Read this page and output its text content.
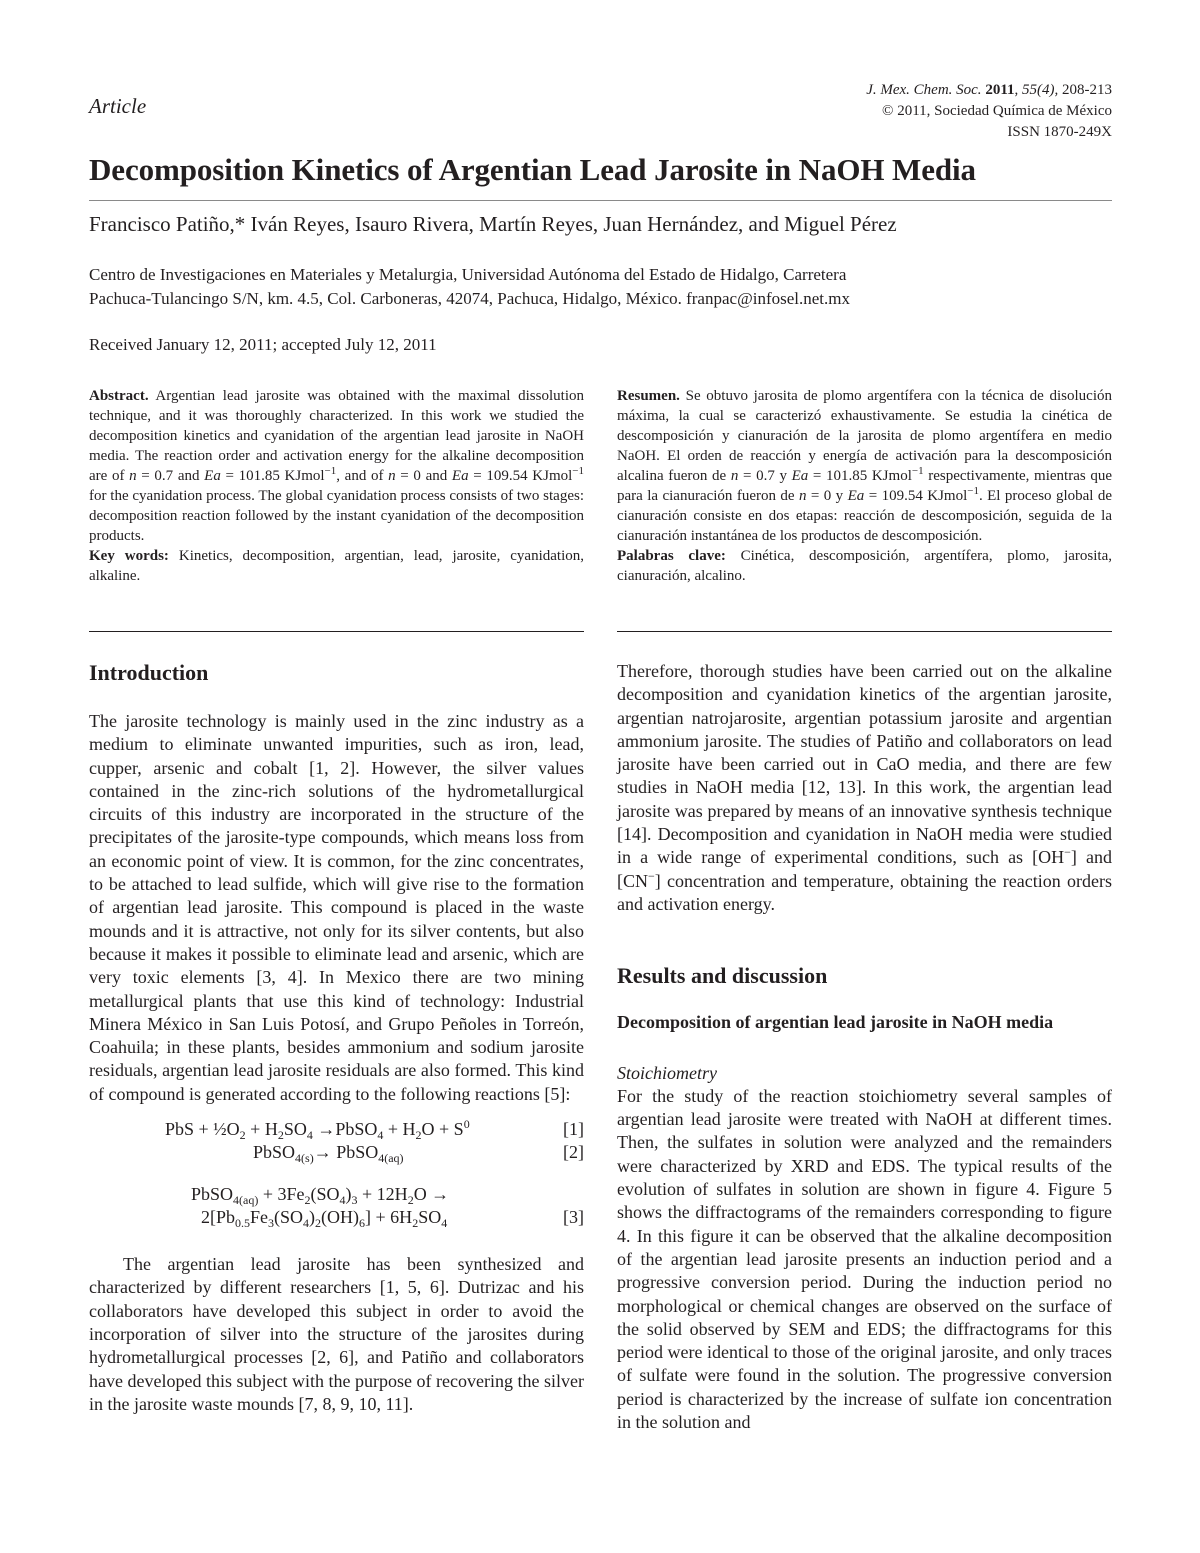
Article
J. Mex. Chem. Soc. 2011, 55(4), 208-213
© 2011, Sociedad Química de México
ISSN 1870-249X
Decomposition Kinetics of Argentian Lead Jarosite in NaOH Media
Francisco Patiño,* Iván Reyes, Isauro Rivera, Martín Reyes, Juan Hernández, and Miguel Pérez
Centro de Investigaciones en Materiales y Metalurgia, Universidad Autónoma del Estado de Hidalgo, Carretera
Pachuca-Tulancingo S/N, km. 4.5, Col. Carboneras, 42074, Pachuca, Hidalgo, México. franpac@infosel.net.mx
Received January 12, 2011; accepted July 12, 2011

Abstract. Argentian lead jarosite was obtained with the maximal dissolution technique, and it was thoroughly characterized. In this work we studied the decomposition kinetics and cyanidation of the argentian lead jarosite in NaOH media. The reaction order and activation energy for the alkaline decomposition are of n = 0.7 and Ea = 101.85 KJmol$^{-1}$, and of n = 0 and Ea = 109.54 KJmol$^{-1}$ for the cyanidation process. The global cyanidation process consists of two stages: decomposition reaction followed by the instant cyanidation of the decomposition products.

Key words: Kinetics, decomposition, argentian, lead, jarosite, cyanidation, alkaline.

Resumen. Se obtuvo jarosita de plomo argentífera con la técnica de disolución máxima, la cual se caracterizó exhaustivamente. Se estudia la cinética de descomposición y cianuración de la jarosita de plomo argentífera en medio NaOH. El orden de reacción y energía de activación para la descomposición alcalina fueron de n = 0.7 y Ea = 101.85 KJmol$^{-1}$ respectivamente, mientras que para la cianuración fueron de n = 0 y Ea = 109.54 KJmol$^{-1}$. El proceso global de cianuración consiste en dos etapas: reacción de descomposición, seguida de la cianuración instantánea de los productos de descomposición.

Palabras clave: Cinética, descomposición, argentífera, plomo, jarosita, cianuración, alcalino.

Introduction

The jarosite technology is mainly used in the zinc industry as a medium to eliminate unwanted impurities, such as iron, lead, cupper, arsenic and cobalt [1, 2]. However, the silver values contained in the zinc-rich solutions of the hydrometallurgical circuits of this industry are incorporated in the structure of the precipitates of the jarosite-type compounds, which means loss from an economic point of view. It is common, for the zinc concentrates, to be attached to lead sulfide, which will give rise to the formation of argentian lead jarosite. This compound is placed in the waste mounds and it is attractive, not only for its silver contents, but also because it makes it possible to eliminate lead and arsenic, which are very toxic elements [3, 4]. In Mexico there are two mining metallurgical plants that use this kind of technology: Industrial Minera México in San Luis Potosí, and Grupo Peñoles in Torreón, Coahuila; in these plants, besides ammonium and sodium jarosite residuals, argentian lead jarosite residuals are also formed. This kind of compound is generated according to the following reactions [5]:

PbS + $\frac{1}{2}O_2 + H_2SO_4$ →PbSO$_4$ + $H_2O + S^0$	[1]
PbSO$_{4(s)}$→ PbSO$_{4(aq)}$	[2]
PbSO$_{4(aq)}$ + $3Fe_2(SO_4)_3 + 12H_2O$ →
$2[Pb_{0.5}Fe_3(SO_4)_2(OH)_6] + 6H_2SO_4$	[3]

The argentian lead jarosite has been synthesized and characterized by different researchers [1, 5, 6]. Dutrizac and his collaborators have developed this subject in order to avoid the incorporation of silver into the structure of the jarosites during hydrometallurgical processes [2, 6], and Patiño and collaborators have developed this subject with the purpose of recovering the silver in the jarosite waste mounds [7, 8, 9, 10, 11].

Therefore, thorough studies have been carried out on the alkaline decomposition and cyanidation kinetics of the argentian jarosite, argentian natrojarosite, argentian potassium jarosite and argentian ammonium jarosite. The studies of Patiño and collaborators on lead jarosite have been carried out in CaO media, and there are few studies in NaOH media [12, 13]. In this work, the argentian lead jarosite was prepared by means of an innovative synthesis technique [14]. Decomposition and cyanidation in NaOH media were studied in a wide range of experimental conditions, such as [OH−] and [CN−] concentration and temperature, obtaining the reaction orders and activation energy.

Results and discussion
Decomposition of argentian lead jarosite in NaOH media
Stoichiometry

For the study of the reaction stoichiometry several samples of argentian lead jarosite were treated with NaOH at different times. Then, the sulfates in solution were analyzed and the remainders were characterized by XRD and EDS. The typical results of the evolution of sulfates in solution are shown in figure 4. Figure 5 shows the diffractograms of the remainders corresponding to figure 4. In this figure it can be observed that the alkaline decomposition of the argentian lead jarosite presents an induction period and a progressive conversion period. During the induction period no morphological or chemical changes are observed on the surface of the solid observed by SEM and EDS; the diffractograms for this period were identical to those of the original jarosite, and only traces of sulfate were found in the solution. The progressive conversion period is characterized by the increase of sulfate ion concentration in the solution and
